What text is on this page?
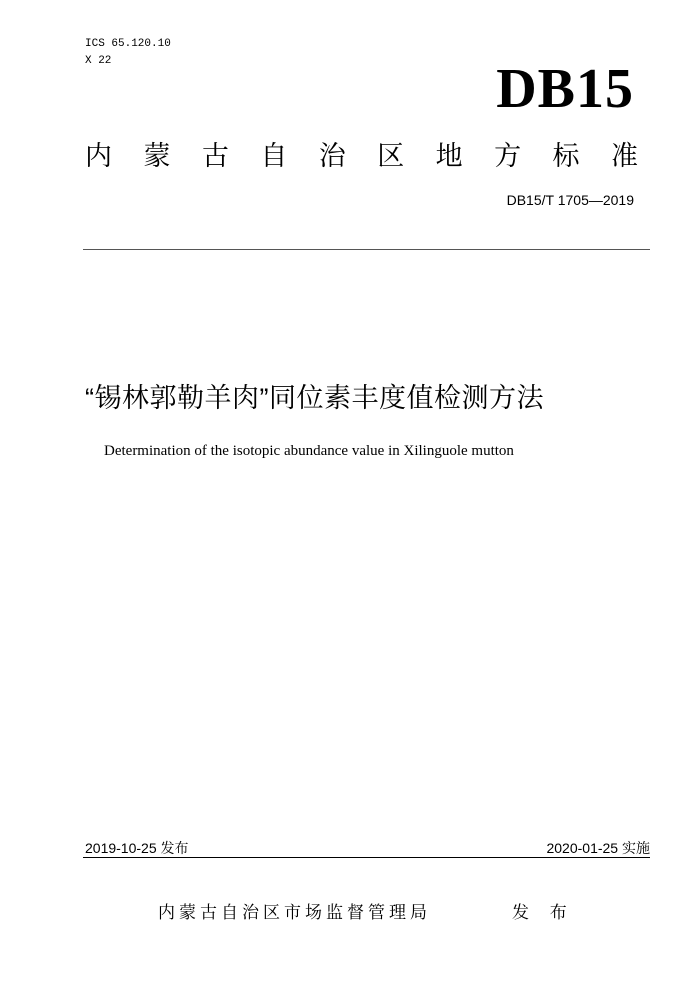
ICS 65.120.10
X 22	DB15
内 蒙 古 自 治 区 地 方 标 准
DB15/T 1705—2019
“锡林郭勒羊肉”同位素丰度值检测方法
Determination of the isotopic abundance value in Xilinguole mutton
2019-10-25 发布	2020-01-25 实施
内蒙古自治区市场监督管理局	发 布
